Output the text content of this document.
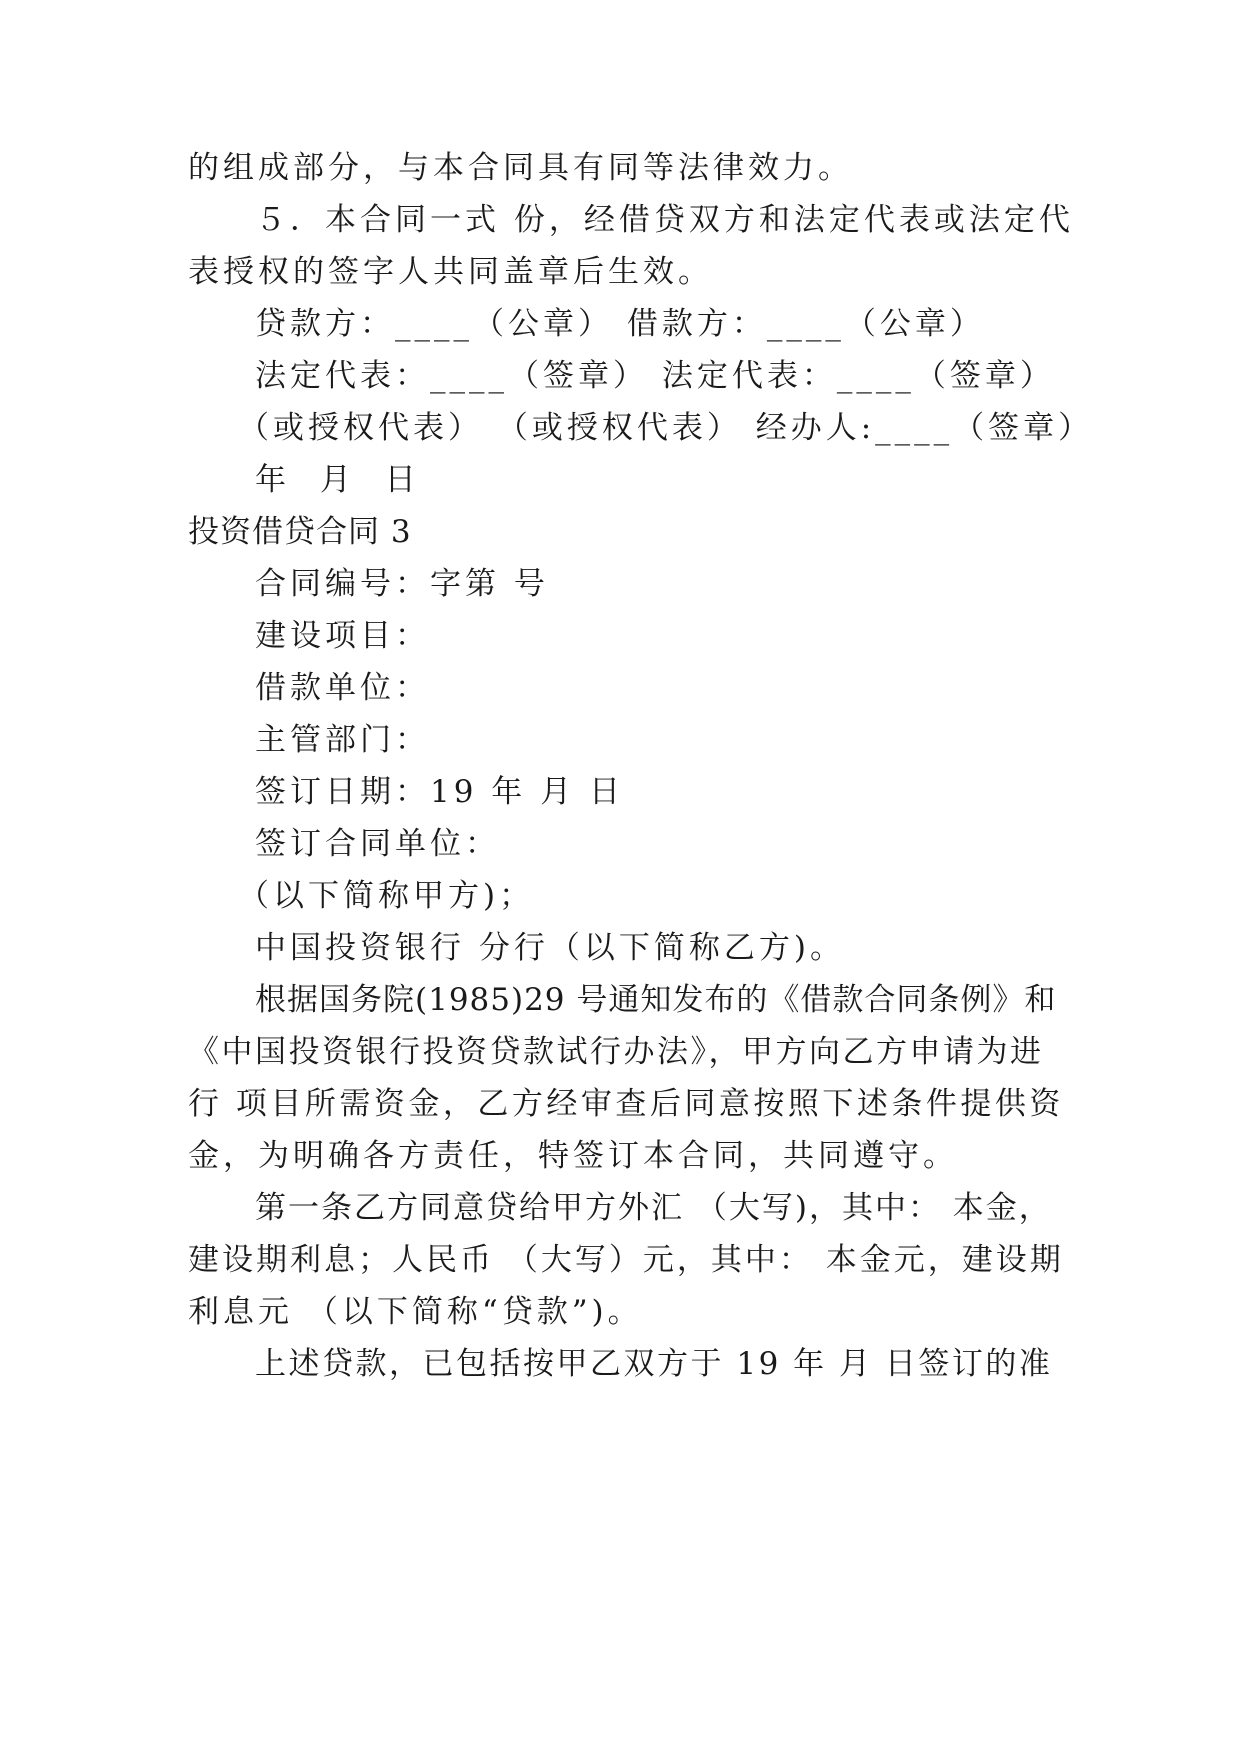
的组成部分，与本合同具有同等法律效力。
５．本合同一式 份，经借贷双方和法定代表或法定代
表授权的签字人共同盖章后生效。
贷款方：____（公章） 借款方：____（公章）
法定代表：____（签章） 法定代表：____（签章）
（或授权代表） （或授权代表） 经办人:____（签章）
年 月 日
投资借贷合同 3
合同编号：字第 号
建设项目：
借款单位：
主管部门：
签订日期：19 年 月 日
签订合同单位：
（以下简称甲方)；
中国投资银行 分行（以下简称乙方)。
根据国务院(1985)29 号通知发布的《借款合同条例》和
《中国投资银行投资贷款试行办法》，甲方向乙方申请为进
行 项目所需资金，乙方经审查后同意按照下述条件提供资
金，为明确各方责任，特签订本合同，共同遵守。
第一条乙方同意贷给甲方外汇 （大写)，其中： 本金，
建设期利息；人民币 （大写）元，其中： 本金元，建设期
利息元 （以下简称“贷款”)。
上述贷款，已包括按甲乙双方于 19 年 月 日签订的准
